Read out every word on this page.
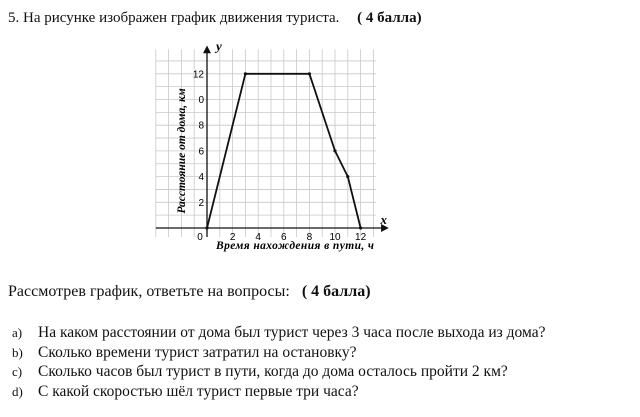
5. На рисунке изображен график движения туриста. ( 4 балла)
0	2 4 6 8 10 12
2
4
6
8
0
12
y
x
Время нахождения в пути, ч
Расстояние от дома, км
Рассмотрев график, ответьте на вопросы: ( 4 балла)
a) На каком расстоянии от дома был турист через 3 часа после выхода из дома?
b) Сколько времени турист затратил на остановку?
c) Сколько часов был турист в пути, когда до дома осталось пройти 2 км?
d) С какой скоростью шёл турист первые три часа?
